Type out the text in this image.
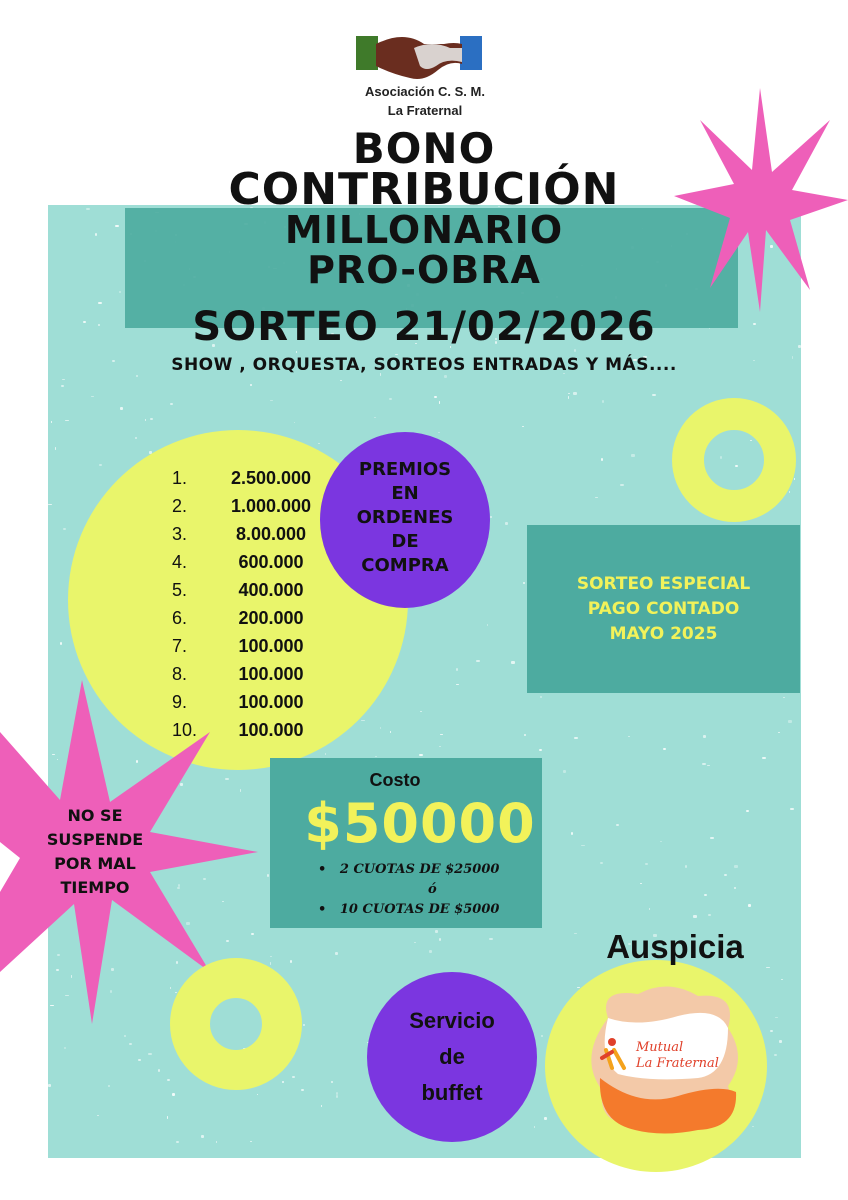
Asociación C. S. M.
La Fraternal
BONO
CONTRIBUCIÓN
MILLONARIO
PRO-OBRA
SORTEO 21/02/2026
SHOW , ORQUESTA, SORTEOS ENTRADAS Y MÁS....
1.	2.500.000
2.	1.000.000
3.	8.00.000
4.	600.000
5.	400.000
6.	200.000
7.	100.000
8.	100.000
9.	100.000
10.	100.000
PREMIOS
EN
ORDENES
DE
COMPRA
SORTEO ESPECIAL
PAGO CONTADO
MAYO 2025
NO SE
SUSPENDE
POR MAL
TIEMPO
Costo
$50000
•   2 CUOTAS DE $25000
ó
•   10 CUOTAS DE $5000
Servicio
de
buffet
Auspicia
Mutual
La Fraternal
